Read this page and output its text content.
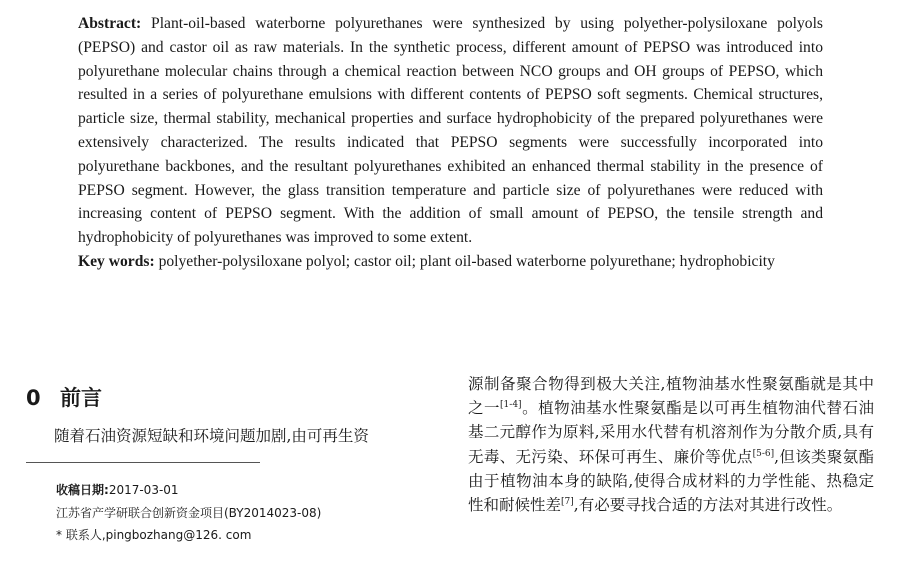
Abstract: Plant-oil-based waterborne polyurethanes were synthesized by using polyether-polysiloxane polyols (PEPSO) and castor oil as raw materials. In the synthetic process, different amount of PEPSO was introduced into polyurethane molecular chains through a chemical reaction between NCO groups and OH groups of PEPSO, which resulted in a series of polyurethane emulsions with different contents of PEPSO soft segments. Chemical structures, particle size, thermal stability, mechanical properties and surface hydrophobicity of the prepared polyurethanes were extensively characterized. The results indicated that PEPSO segments were successfully incorporated into polyurethane backbones, and the resultant polyurethanes exhibited an enhanced thermal stability in the presence of PEPSO segment. However, the glass transition temperature and particle size of polyurethanes were reduced with increasing content of PEPSO segment. With the addition of small amount of PEPSO, the tensile strength and hydrophobicity of polyurethanes was improved to some extent.
Key words: polyether-polysiloxane polyol; castor oil; plant oil-based waterborne polyurethane; hydrophobicity
0 前言
随着石油资源短缺和环境问题加剧,由可再生资
收稿日期:2017-03-01
江苏省产学研联合创新资金项目(BY2014023-08)
* 联系人,pingbozhang@126. com
源制备聚合物得到极大关注,植物油基水性聚氨酯就是其中之一[1-4]。植物油基水性聚氨酯是以可再生植物油代替石油基二元醇作为原料,采用水代替有机溶剂作为分散介质,具有无毒、无污染、环保可再生、廉价等优点[5-6],但该类聚氨酯由于植物油本身的缺陷,使得合成材料的力学性能、热稳定性和耐候性差[7],有必要寻找合适的方法对其进行改性。
